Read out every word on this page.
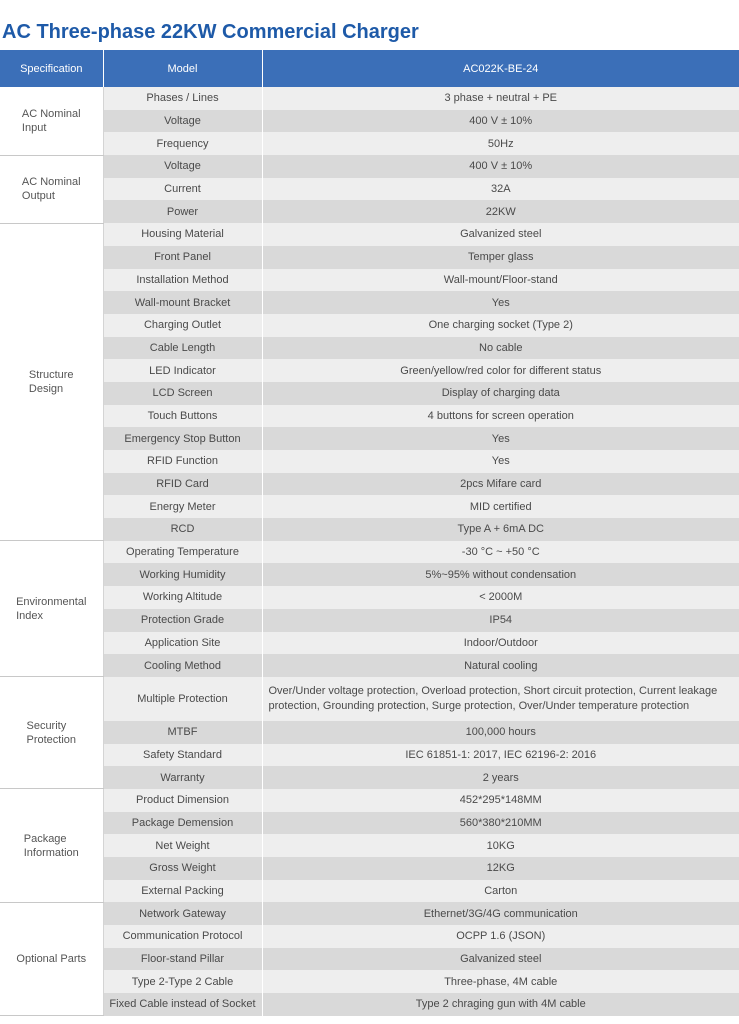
AC Three-phase 22KW Commercial Charger
Specification	Model	AC022K-BE-24
AC Nominal
Input	Phases / Lines	3 phase + neutral + PE
	Voltage	400 V ± 10%
	Frequency	50Hz
AC Nominal
Output	Voltage	400 V ± 10%
	Current	32A
	Power	22KW
Structure
Design	Housing Material	Galvanized steel
	Front Panel	Temper glass
	Installation Method	Wall-mount/Floor-stand
	Wall-mount Bracket	Yes
	Charging Outlet	One charging socket (Type 2)
	Cable Length	No cable
	LED Indicator	Green/yellow/red color for different status
	LCD Screen	Display of charging data
	Touch Buttons	4 buttons for screen operation
	Emergency Stop Button	Yes
	RFID Function	Yes
	RFID Card	2pcs Mifare card
	Energy Meter	MID certified
	RCD	Type A + 6mA DC
Environmental
Index	Operating Temperature	-30 °C ~ +50 °C
	Working Humidity	5%~95% without condensation
	Working Altitude	< 2000M
	Protection Grade	IP54
	Application Site	Indoor/Outdoor
	Cooling Method	Natural cooling
Security
Protection	Multiple Protection	Over/Under voltage protection, Overload protection, Short circuit protection, Current leakage protection, Grounding protection, Surge protection, Over/Under temperature protection
	MTBF	100,000 hours
	Safety Standard	IEC 61851-1: 2017, IEC 62196-2: 2016
	Warranty	2 years
Package
Information	Product Dimension	452*295*148MM
	Package Demension	560*380*210MM
	Net Weight	10KG
	Gross Weight	12KG
	External Packing	Carton
Optional Parts	Network Gateway	Ethernet/3G/4G communication
	Communication Protocol	OCPP 1.6 (JSON)
	Floor-stand Pillar	Galvanized steel
	Type 2-Type 2 Cable	Three-phase, 4M cable
	Fixed Cable instead of Socket	Type 2 chraging gun with 4M cable
